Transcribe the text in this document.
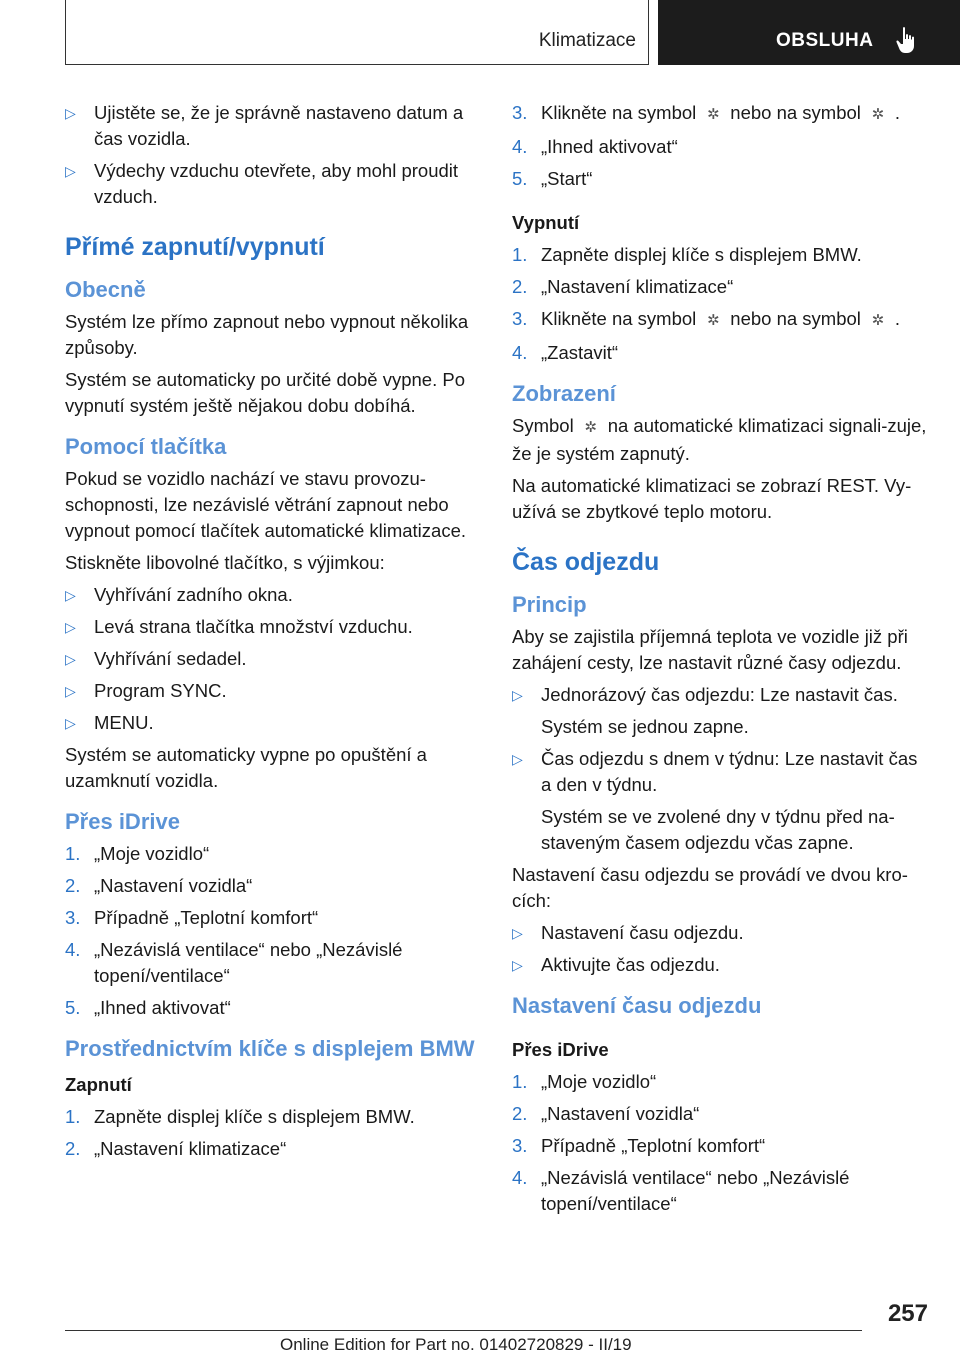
Klimatizace	OBSLUHA
▷ Ujistěte se, že je správně nastaveno datum a čas vozidla.
▷ Výdechy vzduchu otevřete, aby mohl proudit vzduch.
Přímé zapnutí/vypnutí
Obecně

Systém lze přímo zapnout nebo vypnout několika způsoby.

Systém se automaticky po určité době vypne. Po vypnutí systém ještě nějakou dobu dobíhá.

Pomocí tlačítka

Pokud se vozidlo nachází ve stavu provozu-schopnosti, lze nezávislé větrání zapnout nebo vypnout pomocí tlačítek automatické klimatizace.

Stiskněte libovolné tlačítko, s výjimkou:

▷ Vyhřívání zadního okna.
▷ Levá strana tlačítka množství vzduchu.
▷ Vyhřívání sedadel.
▷ Program SYNC.
▷ MENU.

Systém se automaticky vypne po opuštění a uzamknutí vozidla.

Přes iDrive
1. „Moje vozidlo“
2. „Nastavení vozidla“
3. Případně „Teplotní komfort“
4. „Nezávislá ventilace“ nebo „Nezávislé topení/ventilace“
5. „Ihned aktivovat“
Prostřednictvím klíče s displejem BMW
Zapnutí
1. Zapněte displej klíče s displejem BMW.
2. „Nastavení klimatizace“
3. Klikněte na symbol ✲ nebo na symbol ✲ .
4. „Ihned aktivovat“
5. „Start“
Vypnutí
1. Zapněte displej klíče s displejem BMW.
2. „Nastavení klimatizace“
3. Klikněte na symbol ✲ nebo na symbol ✲ .
4. „Zastavit“
Zobrazení

Symbol ✲ na automatické klimatizaci signali-zuje, že je systém zapnutý.

Na automatické klimatizaci se zobrazí REST. Vy-užívá se zbytkové teplo motoru.

Čas odjezdu
Princip

Aby se zajistila příjemná teplota ve vozidle již při zahájení cesty, lze nastavit různé časy odjezdu.

▷ Jednorázový čas odjezdu: Lze nastavit čas.
Systém se jednou zapne.
▷ Čas odjezdu s dnem v týdnu: Lze nastavit čas a den v týdnu.
Systém se ve zvolené dny v týdnu před na-staveným časem odjezdu včas zapne.

Nastavení času odjezdu se provádí ve dvou kro-cích:

▷ Nastavení času odjezdu.
▷ Aktivujte čas odjezdu.
Nastavení času odjezdu
Přes iDrive
1. „Moje vozidlo“
2. „Nastavení vozidla“
3. Případně „Teplotní komfort“
4. „Nezávislá ventilace“ nebo „Nezávislé topení/ventilace“
257
Online Edition for Part no. 01402720829 - II/19
